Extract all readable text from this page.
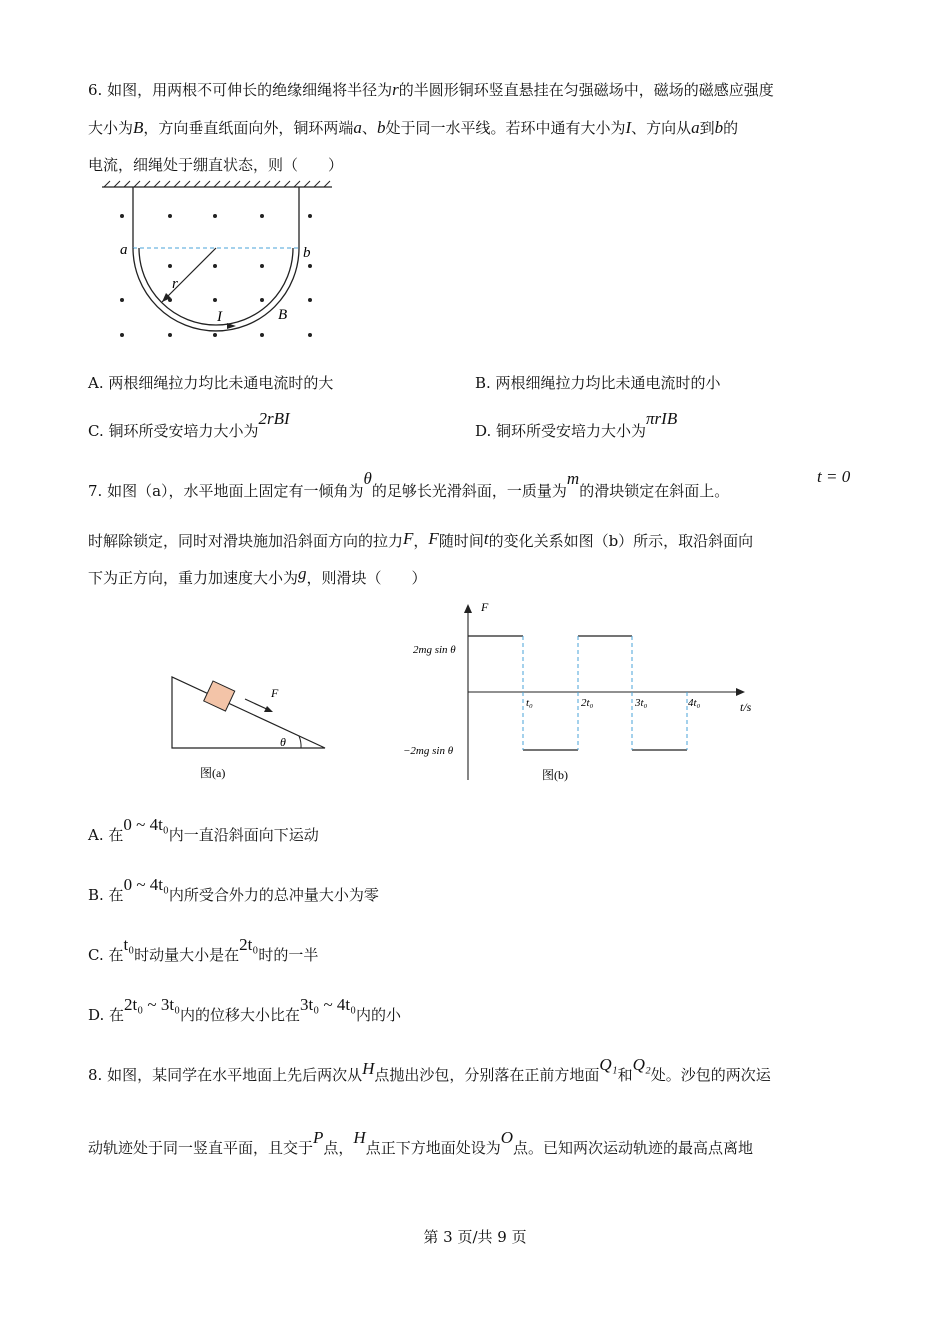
6. 如图，用两根不可伸长的绝缘细绳将半径为r的半圆形铜环竖直悬挂在匀强磁场中，磁场的磁感应强度
大小为B，方向垂直纸面向外，铜环两端a、b处于同一水平线。若环中通有大小为I、方向从a到b的
电流，细绳处于绷直状态，则（　　）
a	b
r
I	B
A. 两根细绳拉力均比未通电流时的大	B. 两根细绳拉力均比未通电流时的小
C. 铜环所受安培力大小为2rBI
D. 铜环所受安培力大小为πrIB
7. 如图（a），水平地面上固定有一倾角为θ的足够长光滑斜面，一质量为m的滑块锁定在斜面上。
t = 0
时解除锁定，同时对滑块施加沿斜面方向的拉力F，F随时间t的变化关系如图（b）所示，取沿斜面向
下为正方向，重力加速度大小为g，则滑块（　　）
F
θ
图(a)
F
t/s
2mg sin θ
−2mg sin θ
t₀	2t₀	3t₀	4t₀
图(b)
A. 在0 ~ 4t₀内一直沿斜面向下运动
B. 在0 ~ 4t₀内所受合外力的总冲量大小为零
C. 在t₀时动量大小是在2t₀时的一半
D. 在2t₀ ~ 3t₀内的位移大小比在3t₀ ~ 4t₀内的小
8. 如图，某同学在水平地面上先后两次从H点抛出沙包，分别落在正前方地面Q₁和Q₂处。沙包的两次运
动轨迹处于同一竖直平面，且交于P点，H点正下方地面处设为O点。已知两次运动轨迹的最高点离地
第 3 页/共 9 页
